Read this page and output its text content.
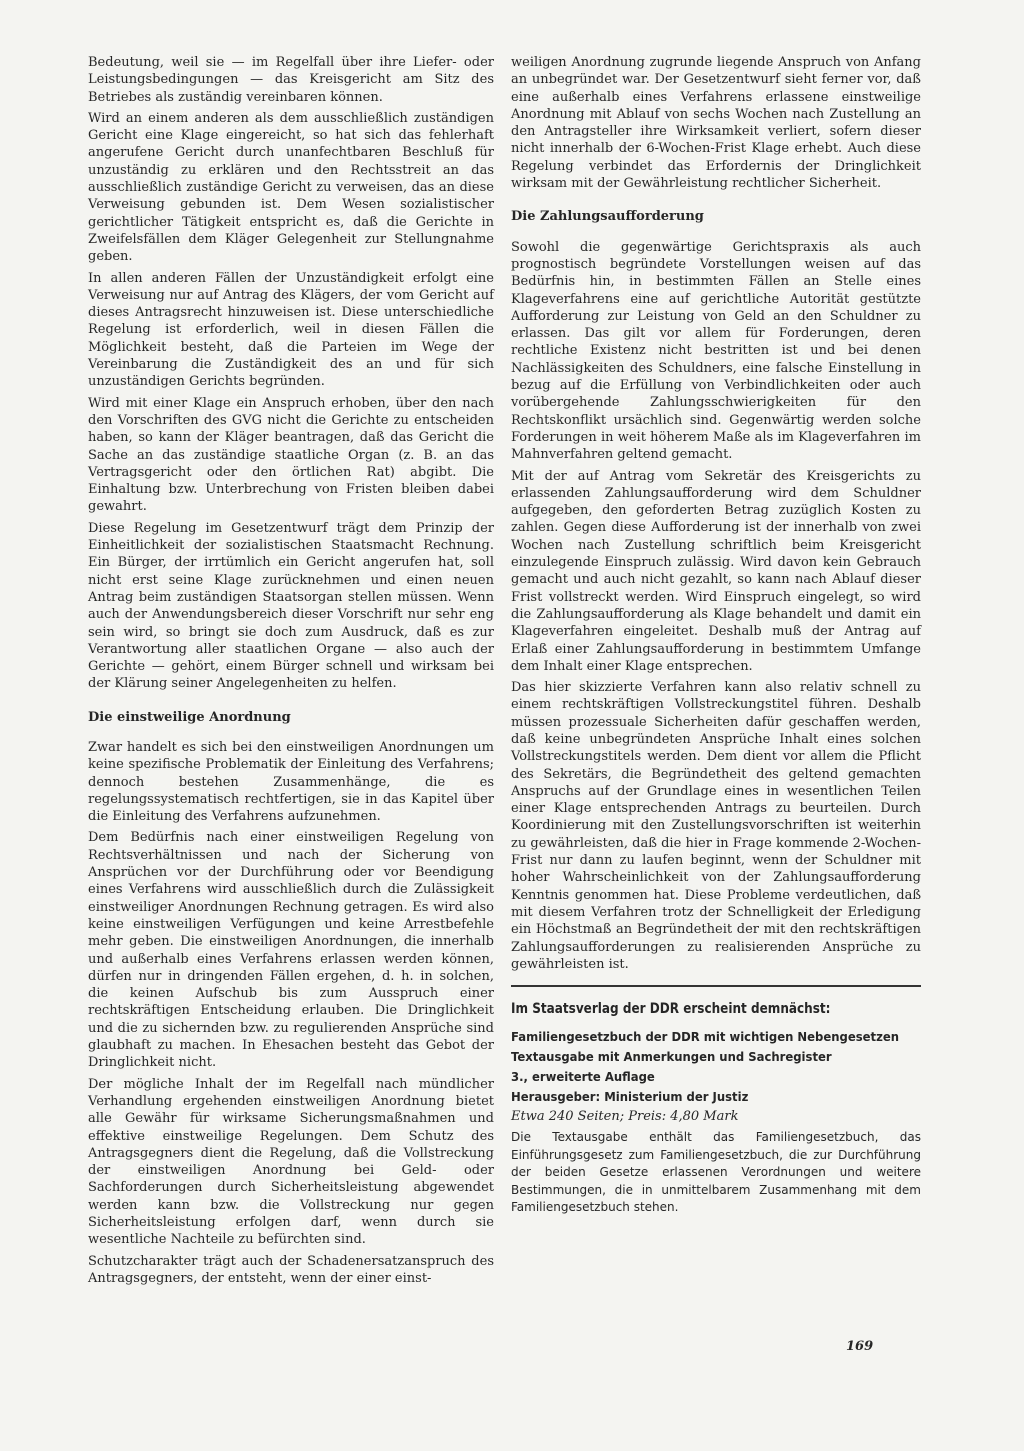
Bedeutung, weil sie — im Regelfall über ihre Liefer- oder Leistungsbedingungen — das Kreisgericht am Sitz des Betriebes als zuständig vereinbaren können.

Wird an einem anderen als dem ausschließlich zuständigen Gericht eine Klage eingereicht, so hat sich das fehlerhaft angerufene Gericht durch unanfechtbaren Beschluß für unzuständig zu erklären und den Rechtsstreit an das ausschließlich zuständige Gericht zu verweisen, das an diese Verweisung gebunden ist. Dem Wesen sozialistischer gerichtlicher Tätigkeit entspricht es, daß die Gerichte in Zweifelsfällen dem Kläger Gelegenheit zur Stellungnahme geben.

In allen anderen Fällen der Unzuständigkeit erfolgt eine Verweisung nur auf Antrag des Klägers, der vom Gericht auf dieses Antragsrecht hinzuweisen ist. Diese unterschiedliche Regelung ist erforderlich, weil in diesen Fällen die Möglichkeit besteht, daß die Parteien im Wege der Vereinbarung die Zuständigkeit des an und für sich unzuständigen Gerichts begründen.

Wird mit einer Klage ein Anspruch erhoben, über den nach den Vorschriften des GVG nicht die Gerichte zu entscheiden haben, so kann der Kläger beantragen, daß das Gericht die Sache an das zuständige staatliche Organ (z. B. an das Vertragsgericht oder den örtlichen Rat) abgibt. Die Einhaltung bzw. Unterbrechung von Fristen bleiben dabei gewahrt.

Diese Regelung im Gesetzentwurf trägt dem Prinzip der Einheitlichkeit der sozialistischen Staatsmacht Rechnung. Ein Bürger, der irrtümlich ein Gericht angerufen hat, soll nicht erst seine Klage zurücknehmen und einen neuen Antrag beim zuständigen Staatsorgan stellen müssen. Wenn auch der Anwendungsbereich dieser Vorschrift nur sehr eng sein wird, so bringt sie doch zum Ausdruck, daß es zur Verantwortung aller staatlichen Organe — also auch der Gerichte — gehört, einem Bürger schnell und wirksam bei der Klärung seiner Angelegenheiten zu helfen.

Die einstweilige Anordnung

Zwar handelt es sich bei den einstweiligen Anordnungen um keine spezifische Problematik der Einleitung des Verfahrens; dennoch bestehen Zusammenhänge, die es regelungssystematisch rechtfertigen, sie in das Kapitel über die Einleitung des Verfahrens aufzunehmen.

Dem Bedürfnis nach einer einstweiligen Regelung von Rechtsverhältnissen und nach der Sicherung von Ansprüchen vor der Durchführung oder vor Beendigung eines Verfahrens wird ausschließlich durch die Zulässigkeit einstweiliger Anordnungen Rechnung getragen. Es wird also keine einstweiligen Verfügungen und keine Arrestbefehle mehr geben. Die einstweiligen Anordnungen, die innerhalb und außerhalb eines Verfahrens erlassen werden können, dürfen nur in dringenden Fällen ergehen, d. h. in solchen, die keinen Aufschub bis zum Ausspruch einer rechtskräftigen Entscheidung erlauben. Die Dringlichkeit und die zu sichernden bzw. zu regulierenden Ansprüche sind glaubhaft zu machen. In Ehesachen besteht das Gebot der Dringlichkeit nicht.

Der mögliche Inhalt der im Regelfall nach mündlicher Verhandlung ergehenden einstweiligen Anordnung bietet alle Gewähr für wirksame Sicherungsmaßnahmen und effektive einstweilige Regelungen. Dem Schutz des Antragsgegners dient die Regelung, daß die Vollstreckung der einstweiligen Anordnung bei Geld- oder Sachforderungen durch Sicherheitsleistung abgewendet werden kann bzw. die Vollstreckung nur gegen Sicherheitsleistung erfolgen darf, wenn durch sie wesentliche Nachteile zu befürchten sind.

Schutzcharakter trägt auch der Schadenersatzanspruch des Antragsgegners, der entsteht, wenn der einer einst-

weiligen Anordnung zugrunde liegende Anspruch von Anfang an unbegründet war. Der Gesetzentwurf sieht ferner vor, daß eine außerhalb eines Verfahrens erlassene einstweilige Anordnung mit Ablauf von sechs Wochen nach Zustellung an den Antragsteller ihre Wirksamkeit verliert, sofern dieser nicht innerhalb der 6-Wochen-Frist Klage erhebt. Auch diese Regelung verbindet das Erfordernis der Dringlichkeit wirksam mit der Gewährleistung rechtlicher Sicherheit.

Die Zahlungsaufforderung

Sowohl die gegenwärtige Gerichtspraxis als auch prognostisch begründete Vorstellungen weisen auf das Bedürfnis hin, in bestimmten Fällen an Stelle eines Klageverfahrens eine auf gerichtliche Autorität gestützte Aufforderung zur Leistung von Geld an den Schuldner zu erlassen. Das gilt vor allem für Forderungen, deren rechtliche Existenz nicht bestritten ist und bei denen Nachlässigkeiten des Schuldners, eine falsche Einstellung in bezug auf die Erfüllung von Verbindlichkeiten oder auch vorübergehende Zahlungsschwierigkeiten für den Rechtskonflikt ursächlich sind. Gegenwärtig werden solche Forderungen in weit höherem Maße als im Klageverfahren im Mahnverfahren geltend gemacht.

Mit der auf Antrag vom Sekretär des Kreisgerichts zu erlassenden Zahlungsaufforderung wird dem Schuldner aufgegeben, den geforderten Betrag zuzüglich Kosten zu zahlen. Gegen diese Aufforderung ist der innerhalb von zwei Wochen nach Zustellung schriftlich beim Kreisgericht einzulegende Einspruch zulässig. Wird davon kein Gebrauch gemacht und auch nicht gezahlt, so kann nach Ablauf dieser Frist vollstreckt werden. Wird Einspruch eingelegt, so wird die Zahlungsaufforderung als Klage behandelt und damit ein Klageverfahren eingeleitet. Deshalb muß der Antrag auf Erlaß einer Zahlungsaufforderung in bestimmtem Umfange dem Inhalt einer Klage entsprechen.

Das hier skizzierte Verfahren kann also relativ schnell zu einem rechtskräftigen Vollstreckungstitel führen. Deshalb müssen prozessuale Sicherheiten dafür geschaffen werden, daß keine unbegründeten Ansprüche Inhalt eines solchen Vollstreckungstitels werden. Dem dient vor allem die Pflicht des Sekretärs, die Begründetheit des geltend gemachten Anspruchs auf der Grundlage eines in wesentlichen Teilen einer Klage entsprechenden Antrags zu beurteilen. Durch Koordinierung mit den Zustellungsvorschriften ist weiterhin zu gewährleisten, daß die hier in Frage kommende 2-Wochen-Frist nur dann zu laufen beginnt, wenn der Schuldner mit hoher Wahrscheinlichkeit von der Zahlungsaufforderung Kenntnis genommen hat. Diese Probleme verdeutlichen, daß mit diesem Verfahren trotz der Schnelligkeit der Erledigung ein Höchstmaß an Begründetheit der mit den rechtskräftigen Zahlungsaufforderungen zu realisierenden Ansprüche zu gewährleisten ist.

Im Staatsverlag der DDR erscheint demnächst:
Familiengesetzbuch der DDR mit wichtigen Nebengesetzen
Textausgabe mit Anmerkungen und Sachregister
3., erweiterte Auflage
Herausgeber: Ministerium der Justiz
Etwa 240 Seiten; Preis: 4,80 Mark
Die Textausgabe enthält das Familiengesetzbuch, das Einführungsgesetz zum Familiengesetzbuch, die zur Durchführung der beiden Gesetze erlassenen Verordnungen und weitere Bestimmungen, die in unmittelbarem Zusammenhang mit dem Familiengesetzbuch stehen.
169
